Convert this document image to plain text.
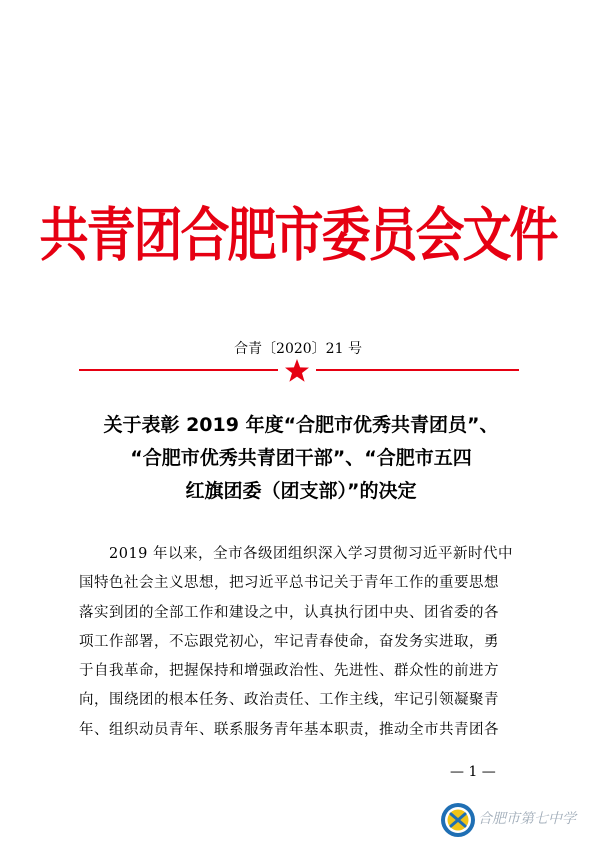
共青团合肥市委员会文件
合青〔2020〕21 号
关于表彰 2019 年度“合肥市优秀共青团员”、
“合肥市优秀共青团干部”、“合肥市五四
红旗团委（团支部）”的决定
2019 年以来，全市各级团组织深入学习贯彻习近平新时代中
国特色社会主义思想，把习近平总书记关于青年工作的重要思想
落实到团的全部工作和建设之中，认真执行团中央、团省委的各
项工作部署，不忘跟党初心，牢记青春使命，奋发务实进取，勇
于自我革命，把握保持和增强政治性、先进性、群众性的前进方
向，围绕团的根本任务、政治责任、工作主线，牢记引领凝聚青
年、组织动员青年、联系服务青年基本职责，推动全市共青团各
— 1 —
合肥市第七中学
